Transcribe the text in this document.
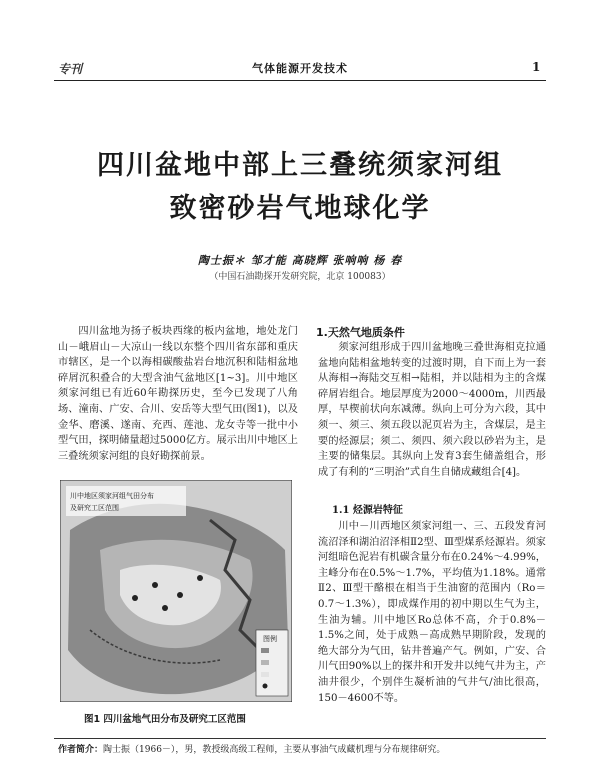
专刊	气体能源开发技术	1
四川盆地中部上三叠统须家河组
致密砂岩气地球化学
陶士振＊ 邹才能 高晓辉 张响响 杨 春
（中国石油勘探开发研究院，北京 100083）
四川盆地为扬子板块西缘的板内盆地，地处龙门山－峨眉山－大凉山一线以东整个四川省东部和重庆市辖区，是一个以海相碳酸盐岩台地沉积和陆相盆地碎屑沉积叠合的大型含油气盆地区[1~3]。川中地区须家河组已有近60年勘探历史，至今已发现了八角场、潼南、广安、合川、安岳等大型气田(图1)，以及金华、磨溪、遂南、充西、莲池、龙女寺等一批中小型气田，探明储量超过5000亿方。展示出川中地区上三叠统须家河组的良好勘探前景。
川中地区须家河组气田分布
及研究工区范围
图例
图1 四川盆地气田分布及研究工区范围
1.天然气地质条件
须家河组形成于四川盆地晚三叠世海相克拉通盆地向陆相盆地转变的过渡时期，自下而上为一套从海相→海陆交互相→陆相，并以陆相为主的含煤碎屑岩组合。地层厚度为2000～4000m，川西最厚，早楔前状向东减薄。纵向上可分为六段，其中须一、须三、须五段以泥页岩为主，含煤层，是主要的烃源层；须二、须四、须六段以砂岩为主，是主要的储集层。其纵向上发育3套生储盖组合，形成了有利的“三明治”式自生自储成藏组合[4]。
1.1 烃源岩特征
川中－川西地区须家河组一、三、五段发育河流沼泽和湖泊沼泽相Ⅱ2型、Ⅲ型煤系烃源岩。须家河组暗色泥岩有机碳含量分布在0.24%～4.99%，主峰分布在0.5%～1.7%，平均值为1.18%。通常Ⅱ2、Ⅲ型干酪根在相当于生油窗的范围内（Ro＝0.7～1.3%），即成煤作用的初中期以生气为主，生油为辅。川中地区Ro总体不高，介于0.8%－1.5%之间，处于成熟－高成熟早期阶段，发现的绝大部分为气田，钻井普遍产气。例如，广安、合川气田90%以上的探井和开发井以纯气井为主，产油井很少，个别伴生凝析油的气井气/油比很高，150－4600不等。
作者简介：陶士振（1966－），男，教授级高级工程师，主要从事油气成藏机理与分布规律研究。
